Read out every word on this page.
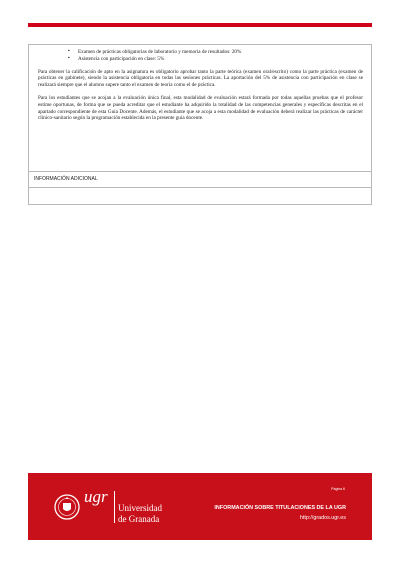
▪ Examen de prácticas obligatorias de laboratorio y memoria de resultados: 20%
▪ Asistencia con participación en clase: 5%

Para obtener la calificación de apto en la asignatura es obligatorio aprobar tanto la parte teórica (examen oral/escrito) como la parte práctica (examen de prácticas en gabinete), siendo la asistencia obligatoria en todas las sesiones prácticas. La aportación del 5% de asistencia con participación en clase se realizará siempre que el alumno supere tanto el examen de teoría como el de práctica.

Para los estudiantes que se acojan a la evaluación única final, esta modalidad de evaluación estará formada por todas aquellas pruebas que el profesor estime oportunas, de forma que se pueda acreditar que el estudiante ha adquirido la totalidad de las competencias generales y específicas descritas en el apartado correspondiente de esta Guía Docente. Además, el estudiante que se acoja a esta modalidad de evaluación deberá realizar las prácticas de carácter clínico-sanitario según la programación establecida en la presente guía docente.

INFORMACIÓN ADICIONAL
ugr
Universidad
de Granada
Página 6
INFORMACIÓN SOBRE TITULACIONES DE LA UGR
http://grados.ugr.es
